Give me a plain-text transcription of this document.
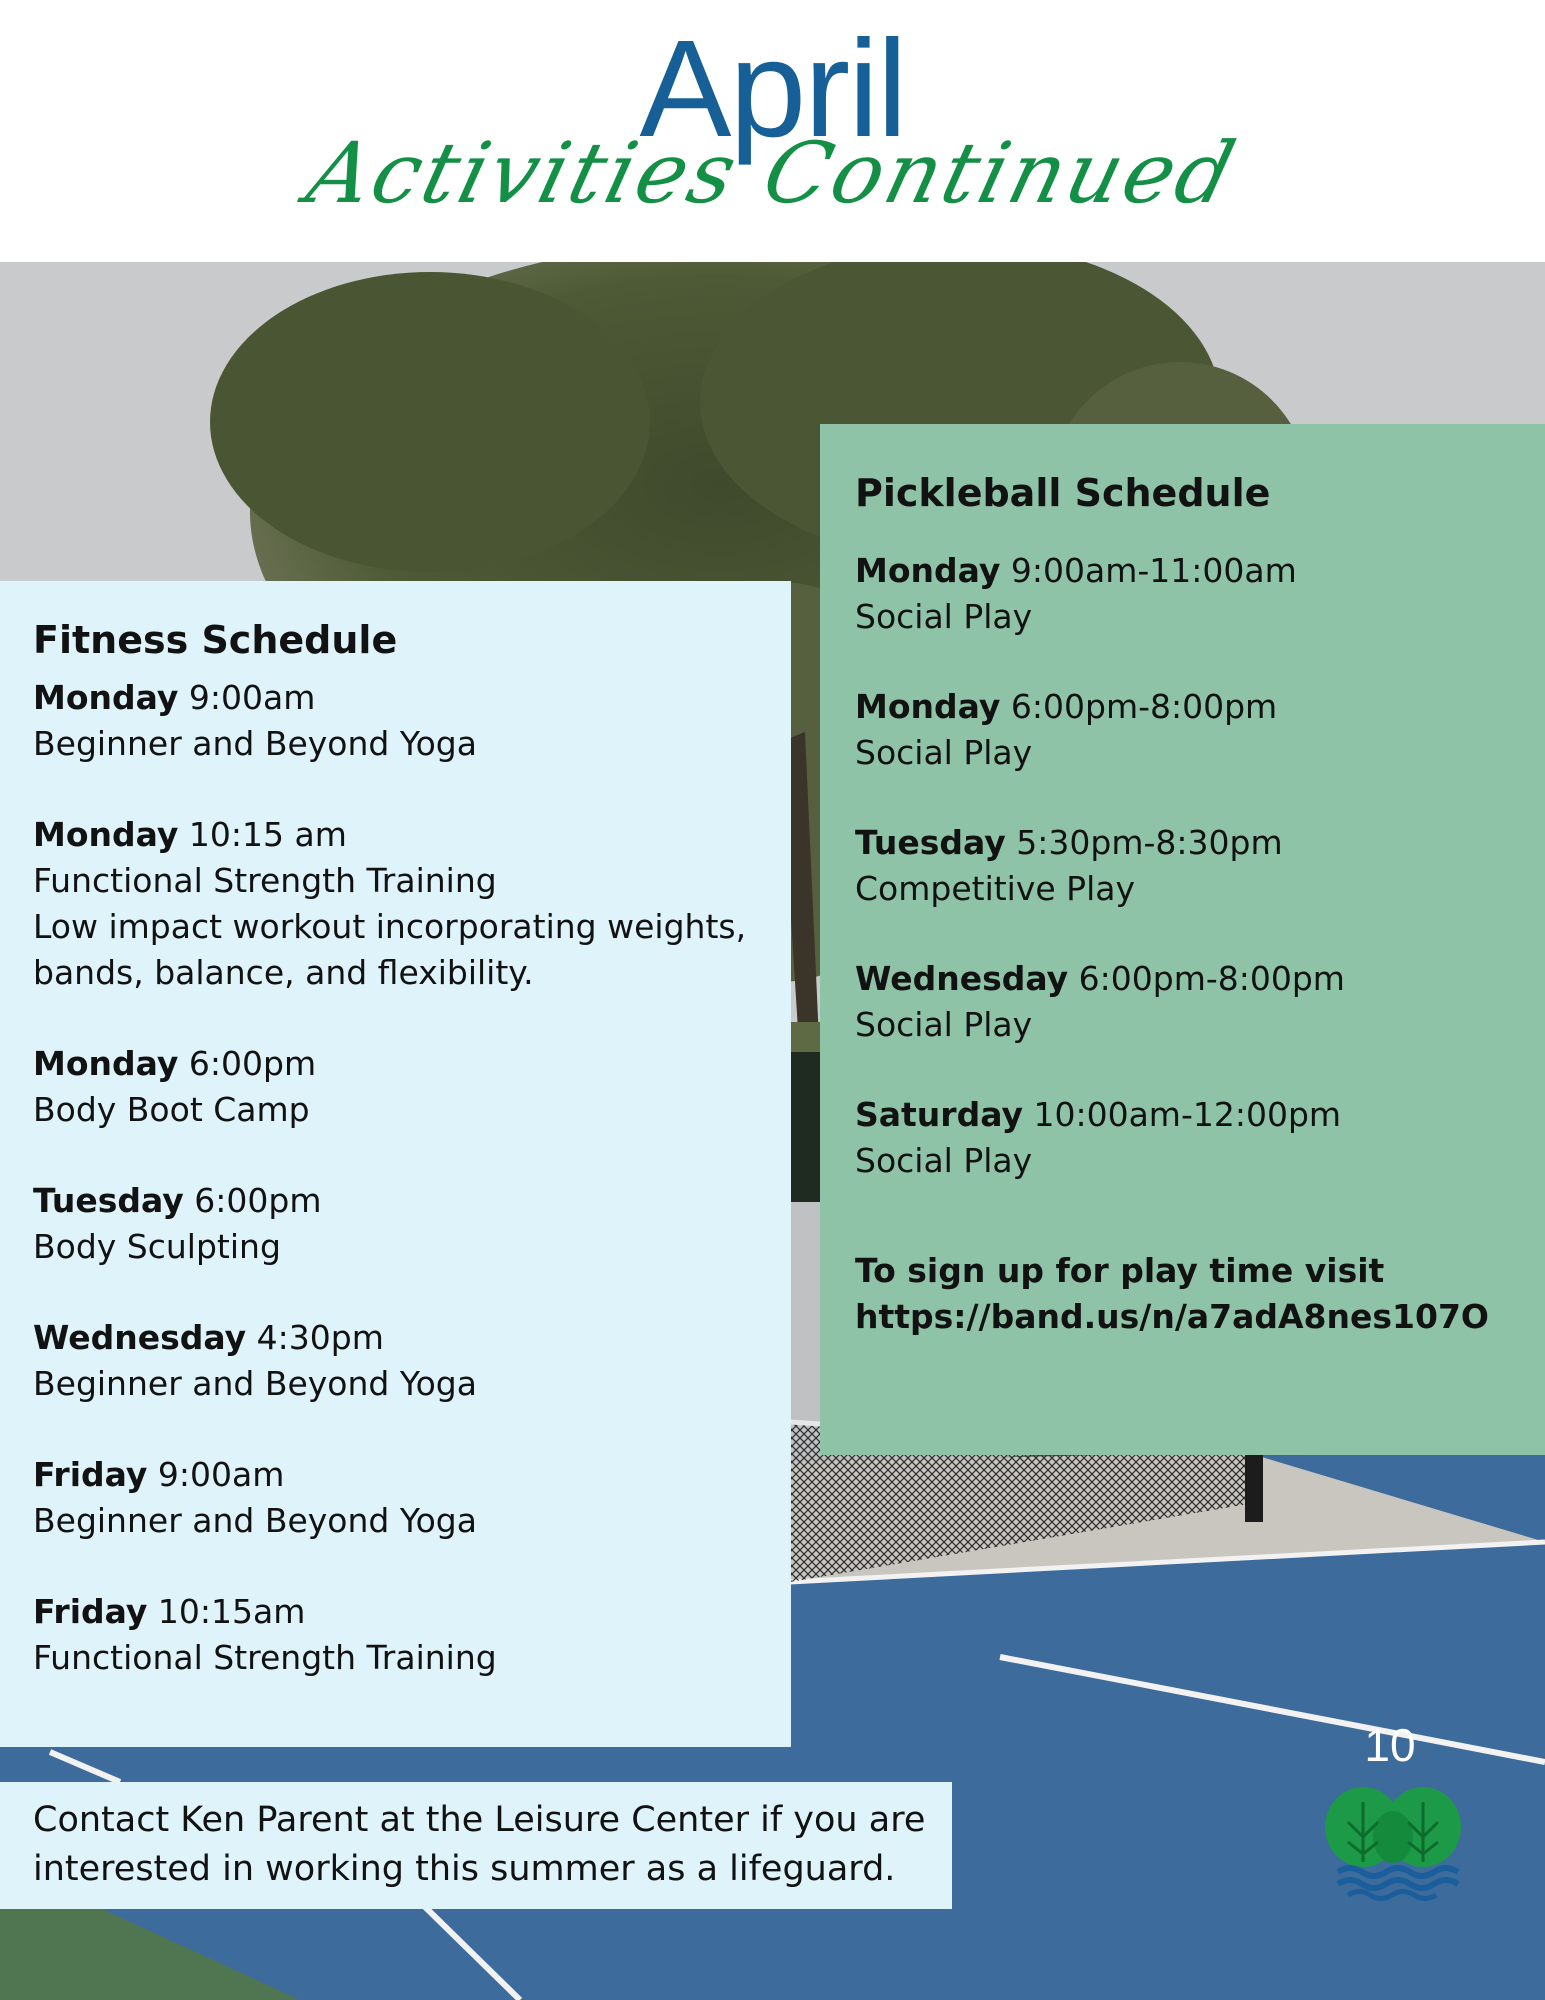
April
Activities Continued
Fitness Schedule
Monday 9:00am
Beginner and Beyond Yoga
Monday 10:15 am
Functional Strength Training
Low impact workout incorporating weights,
bands, balance, and flexibility.
Monday 6:00pm
Body Boot Camp
Tuesday 6:00pm
Body Sculpting
Wednesday 4:30pm
Beginner and Beyond Yoga
Friday 9:00am
Beginner and Beyond Yoga
Friday 10:15am
Functional Strength Training
Pickleball Schedule
Monday 9:00am-11:00am
Social Play
Monday 6:00pm-8:00pm
Social Play
Tuesday 5:30pm-8:30pm
Competitive Play
Wednesday 6:00pm-8:00pm
Social Play
Saturday 10:00am-12:00pm
Social Play
To sign up for play time visit
https://band.us/n/a7adA8nes107O
Contact Ken Parent at the Leisure Center if you are
interested in working this summer as a lifeguard.
10
